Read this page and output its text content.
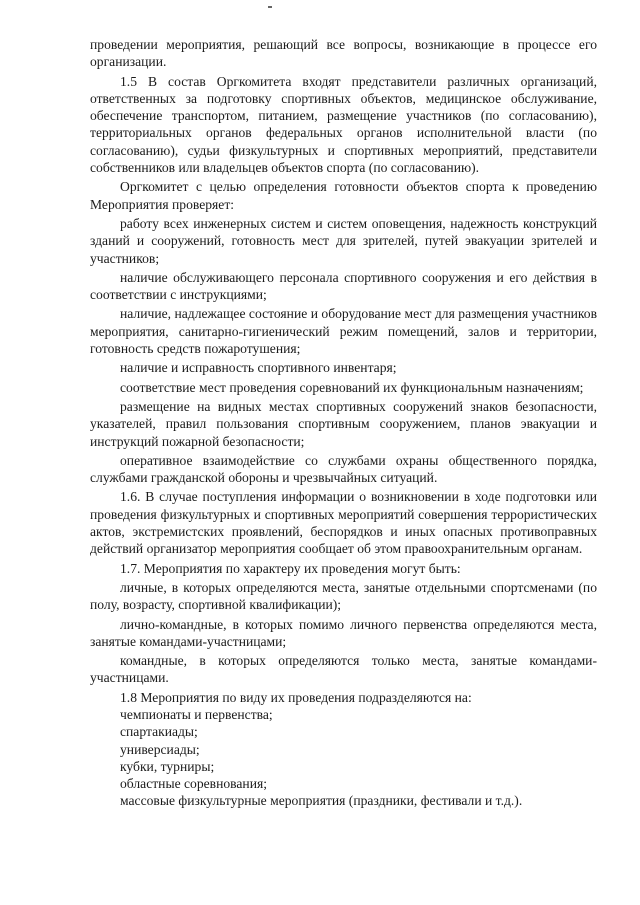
проведении мероприятия, решающий все вопросы, возникающие в процессе его организации.

1.5 В состав Оргкомитета входят представители различных организаций, ответственных за подготовку спортивных объектов, медицинское обслуживание, обеспечение транспортом, питанием, размещение участников (по согласованию), территориальных органов федеральных органов исполнительной власти (по согласованию), судьи физкультурных и спортивных мероприятий, представители собственников или владельцев объектов спорта (по согласованию).

Оргкомитет с целью определения готовности объектов спорта к проведению Мероприятия проверяет:

работу всех инженерных систем и систем оповещения, надежность конструкций зданий и сооружений, готовность мест для зрителей, путей эвакуации зрителей и участников;

наличие обслуживающего персонала спортивного сооружения и его действия в соответствии с инструкциями;

наличие, надлежащее состояние и оборудование мест для размещения участников мероприятия, санитарно-гигиенический режим помещений, залов и территории, готовность средств пожаротушения;

наличие и исправность спортивного инвентаря;

соответствие мест проведения соревнований их функциональным назначениям;

размещение на видных местах спортивных сооружений знаков безопасности, указателей, правил пользования спортивным сооружением, планов эвакуации и инструкций пожарной безопасности;

оперативное взаимодействие со службами охраны общественного порядка, службами гражданской обороны и чрезвычайных ситуаций.

1.6. В случае поступления информации о возникновении в ходе подготовки или проведения физкультурных и спортивных мероприятий совершения террористических актов, экстремистских проявлений, беспорядков и иных опасных противоправных действий организатор мероприятия сообщает об этом правоохранительным органам.

1.7. Мероприятия по характеру их проведения могут быть:

личные, в которых определяются места, занятые отдельными спортсменами (по полу, возрасту, спортивной квалификации);

лично-командные, в которых помимо личного первенства определяются места, занятые командами-участницами;

командные, в которых определяются только места, занятые командами-участницами.

1.8 Мероприятия по виду их проведения подразделяются на:

чемпионаты и первенства;

спартакиады;

универсиады;

кубки, турниры;

областные соревнования;

массовые физкультурные мероприятия (праздники, фестивали и т.д.).
